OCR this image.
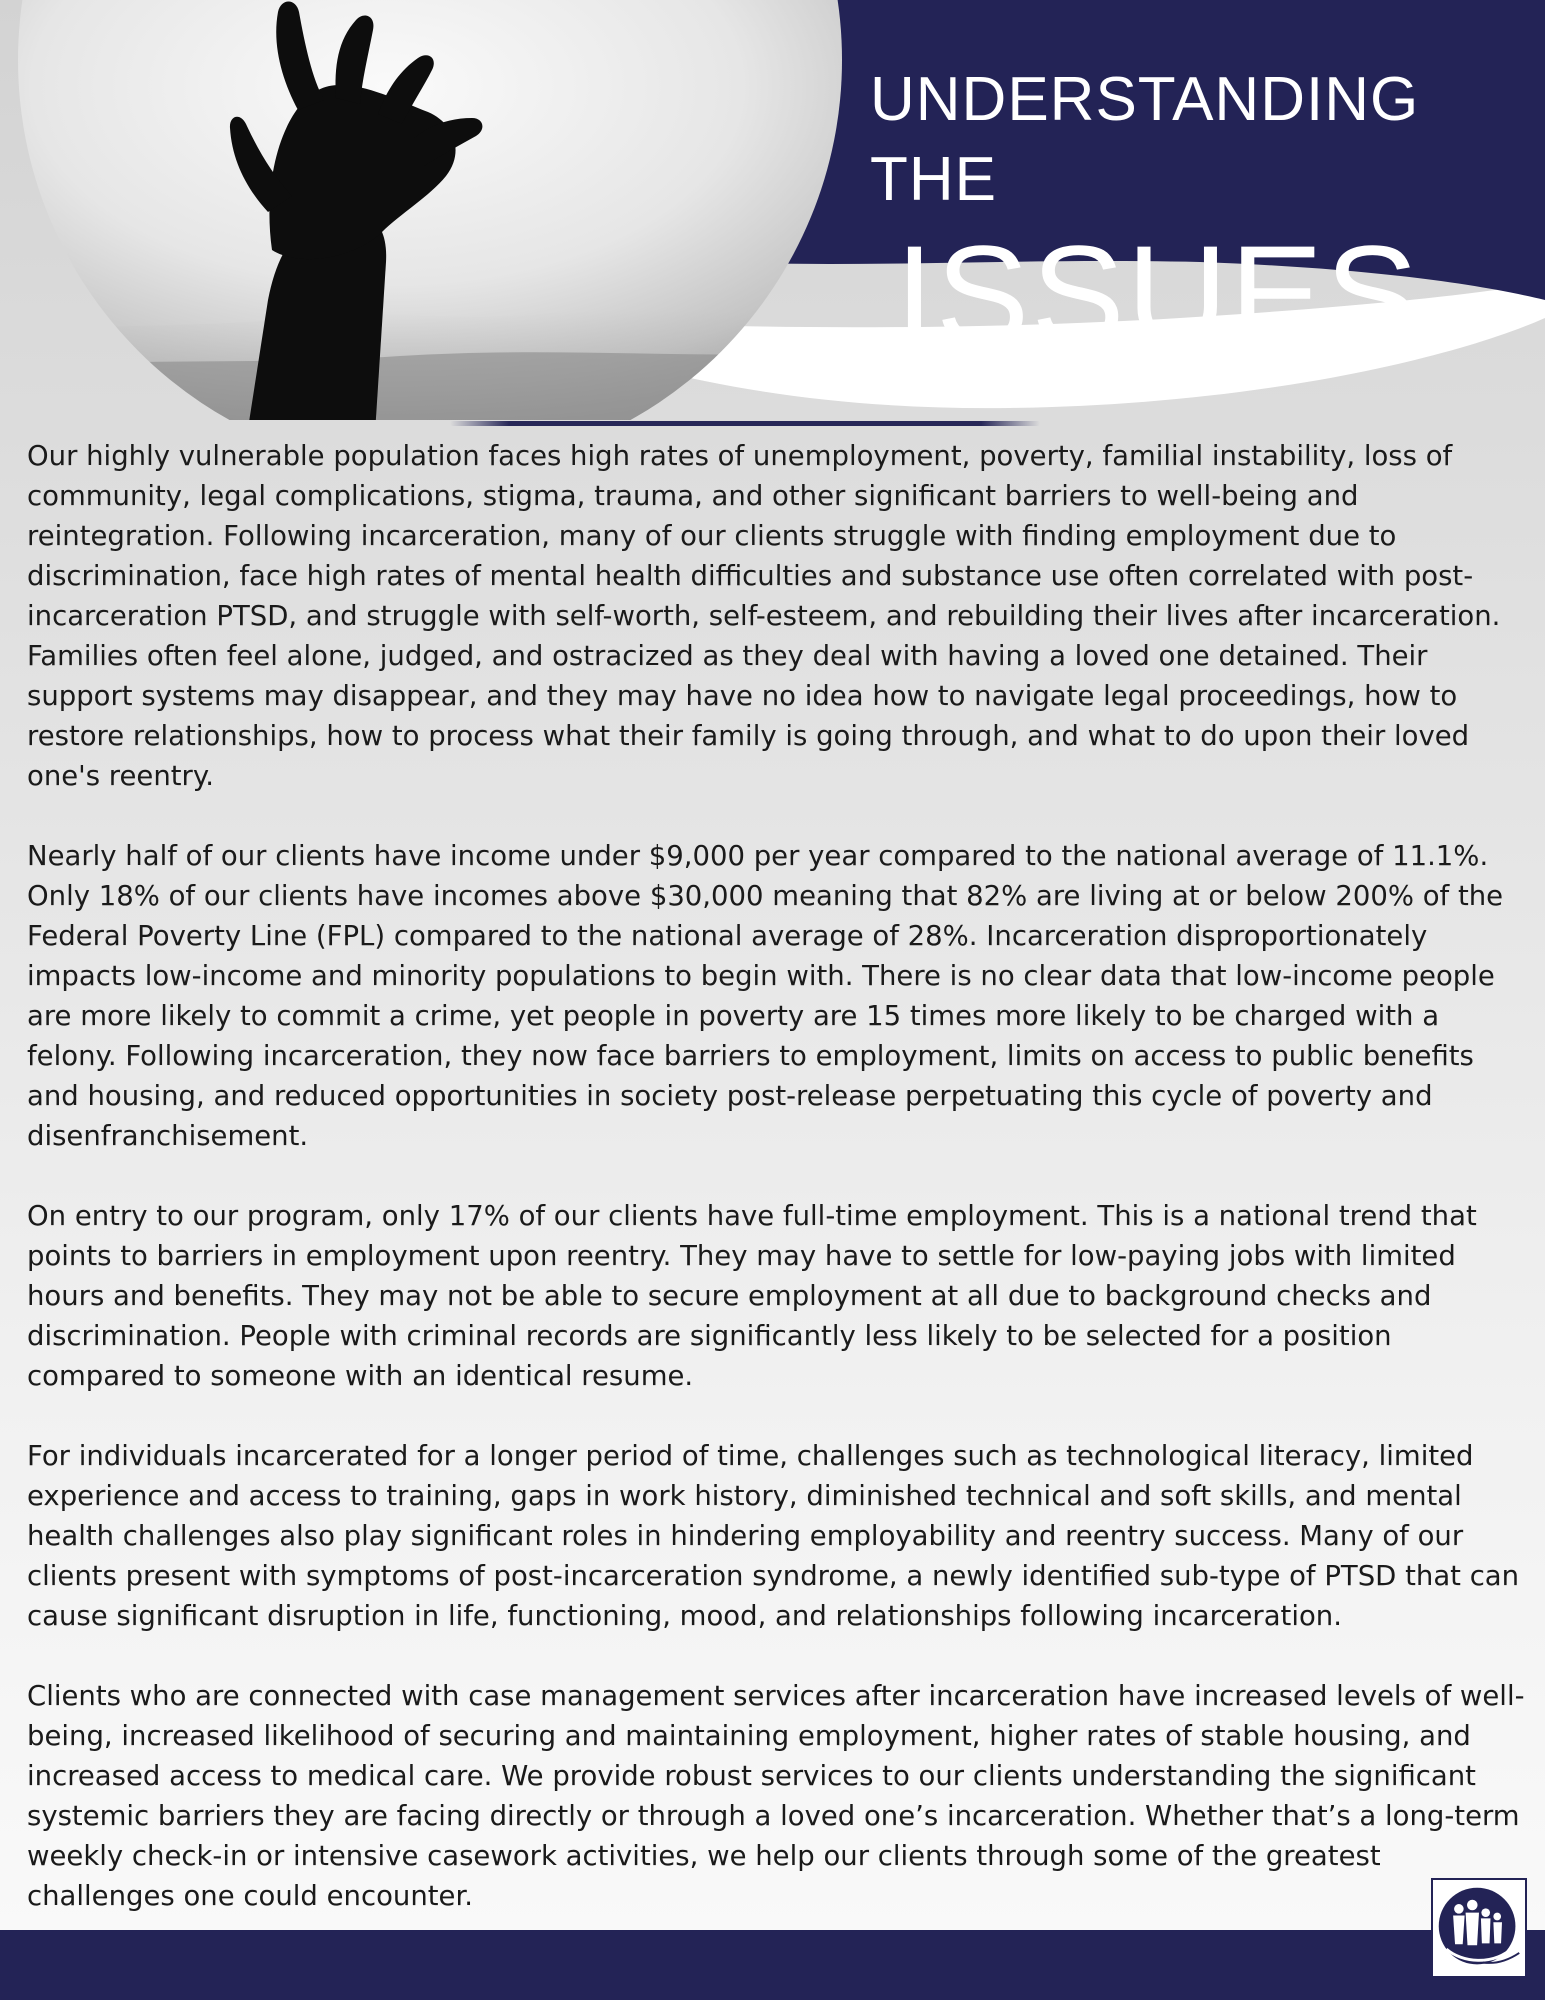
UNDERSTANDING THE
ISSUES

Our highly vulnerable population faces high rates of unemployment, poverty, familial instability, loss of community, legal complications, stigma, trauma, and other significant barriers to well-being and reintegration. Following incarceration, many of our clients struggle with finding employment due to discrimination, face high rates of mental health difficulties and substance use often correlated with post-incarceration PTSD, and struggle with self-worth, self-esteem, and rebuilding their lives after incarceration. Families often feel alone, judged, and ostracized as they deal with having a loved one detained. Their support systems may disappear, and they may have no idea how to navigate legal proceedings, how to restore relationships, how to process what their family is going through, and what to do upon their loved one's reentry.

Nearly half of our clients have income under $9,000 per year compared to the national average of 11.1%. Only 18% of our clients have incomes above $30,000 meaning that 82% are living at or below 200% of the Federal Poverty Line (FPL) compared to the national average of 28%. Incarceration disproportionately impacts low-income and minority populations to begin with. There is no clear data that low-income people are more likely to commit a crime, yet people in poverty are 15 times more likely to be charged with a felony. Following incarceration, they now face barriers to employment, limits on access to public benefits and housing, and reduced opportunities in society post-release perpetuating this cycle of poverty and disenfranchisement.

On entry to our program, only 17% of our clients have full-time employment. This is a national trend that points to barriers in employment upon reentry. They may have to settle for low-paying jobs with limited hours and benefits. They may not be able to secure employment at all due to background checks and discrimination. People with criminal records are significantly less likely to be selected for a position compared to someone with an identical resume.

For individuals incarcerated for a longer period of time, challenges such as technological literacy, limited experience and access to training, gaps in work history, diminished technical and soft skills, and mental health challenges also play significant roles in hindering employability and reentry success. Many of our clients present with symptoms of post-incarceration syndrome, a newly identified sub-type of PTSD that can cause significant disruption in life, functioning, mood, and relationships following incarceration.

Clients who are connected with case management services after incarceration have increased levels of well-being, increased likelihood of securing and maintaining employment, higher rates of stable housing, and increased access to medical care. We provide robust services to our clients understanding the significant systemic barriers they are facing directly or through a loved one’s incarceration. Whether that’s a long-term weekly check-in or intensive casework activities, we help our clients through some of the greatest challenges one could encounter.
